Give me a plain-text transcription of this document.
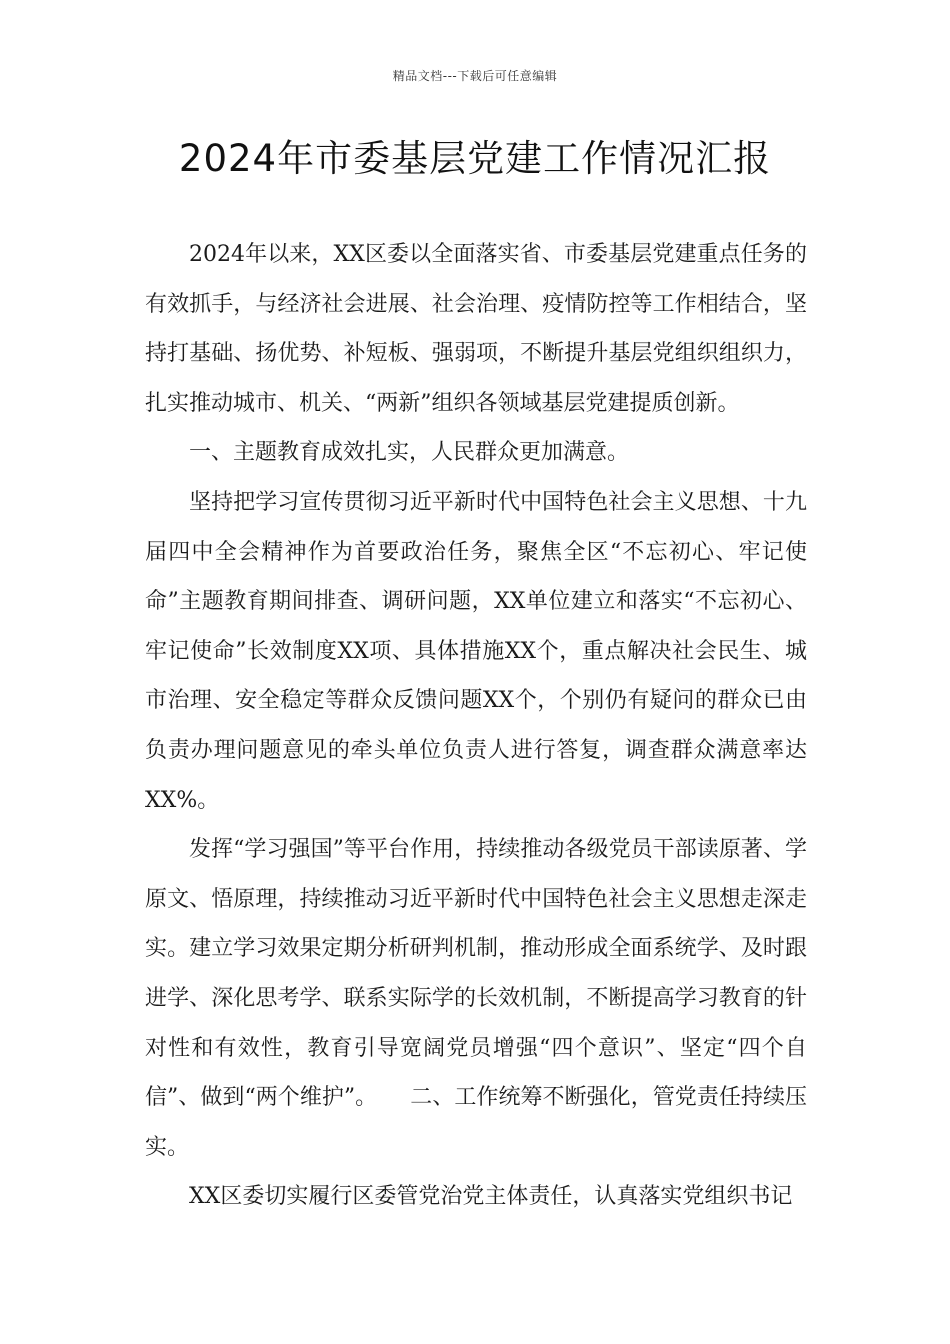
精品文档---下载后可任意编辑
2024年市委基层党建工作情况汇报

2024年以来，XX区委以全面落实省、市委基层党建重点任务的有效抓手，与经济社会进展、社会治理、疫情防控等工作相结合，坚持打基础、扬优势、补短板、强弱项，不断提升基层党组织组织力，扎实推动城市、机关、“两新”组织各领域基层党建提质创新。

一、主题教育成效扎实，人民群众更加满意。

坚持把学习宣传贯彻习近平新时代中国特色社会主义思想、十九届四中全会精神作为首要政治任务，聚焦全区“不忘初心、牢记使命”主题教育期间排查、调研问题，XX单位建立和落实“不忘初心、牢记使命”长效制度XX项、具体措施XX个，重点解决社会民生、城市治理、安全稳定等群众反馈问题XX个，个别仍有疑问的群众已由负责办理问题意见的牵头单位负责人进行答复，调查群众满意率达XX%。

发挥“学习强国”等平台作用，持续推动各级党员干部读原著、学原文、悟原理，持续推动习近平新时代中国特色社会主义思想走深走实。建立学习效果定期分析研判机制，推动形成全面系统学、及时跟进学、深化思考学、联系实际学的长效机制，不断提高学习教育的针对性和有效性，教育引导宽阔党员增强“四个意识”、坚定“四个自信”、做到“两个维护”。　　二、工作统筹不断强化，管党责任持续压实。

XX区委切实履行区委管党治党主体责任，认真落实党组织书记
